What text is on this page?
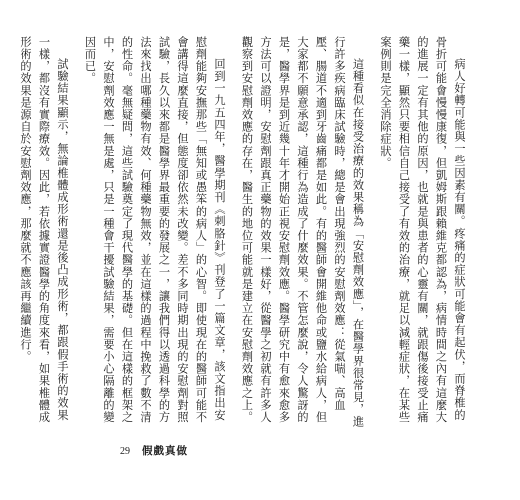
病人好轉可能與一些因素有關。疼痛的症狀可能會有起伏，而脊椎的骨折可能會慢慢康復，但凱姆斯跟賴維克都認為，病情時間之內有這麼大的進展一定有其他的原因，也就是與患者的心靈有關，就跟傷後接受止痛藥一樣，顯然只要相信自己接受了有效的治療，就足以減輕症狀，在某些案例則是完全消除症狀。

這種看似在接受治療的效果稱為「安慰劑效應」，在醫學界很常見，進行許多疾病臨床試驗時，總是會出現強烈的安慰劑效應：從氣喘、高血壓、腸道不適到牙齒痛都是如此。有的醫師會開維他命或鹽水給病人，但大家都不願意承認，這種行為造成了什麼效果。不管怎麼說，令人驚訝的是，醫學界是到近幾十年才開始正視安慰劑效應。醫學研究中有愈來愈多方法可以證明，安慰劑跟真正藥物的效果一樣好，從醫學之初就有許多人觀察到安慰劑效應的存在，醫生的地位可能就是建立在安慰劑效應之上。

回到一九五四年，醫學期刊《刺胳針》刊登了一篇文章，該文指出安慰劑能夠安撫那些「無知或愚笨的病人」的心智。即使現在的醫師可能不會講得這麼直接，但態度卻依然未改變。差不多同時期出現的安慰劑對照試驗，長久以來都是醫學界最重要的發展之一，讓我們得以透過科學的方法來找出哪種藥物有效、何種藥物無效，並在這樣的過程中挽救了數不清的性命。毫無疑問，這些試驗奠定了現代醫學的基礎。但在這樣的框架之中，安慰劑效應一無是處，只是一種會干擾試驗結果，需要小心隔離的變因而已。

試驗結果顯示，無論椎體成形術還是後凸成形術，都跟假手術的效果一樣，都沒有實際療效。因此，若依據實證醫學的角度來看，如果椎體成形術的效果是源自於安慰劑效應，那麼就不應該再繼續進行。

29 假戲真做
